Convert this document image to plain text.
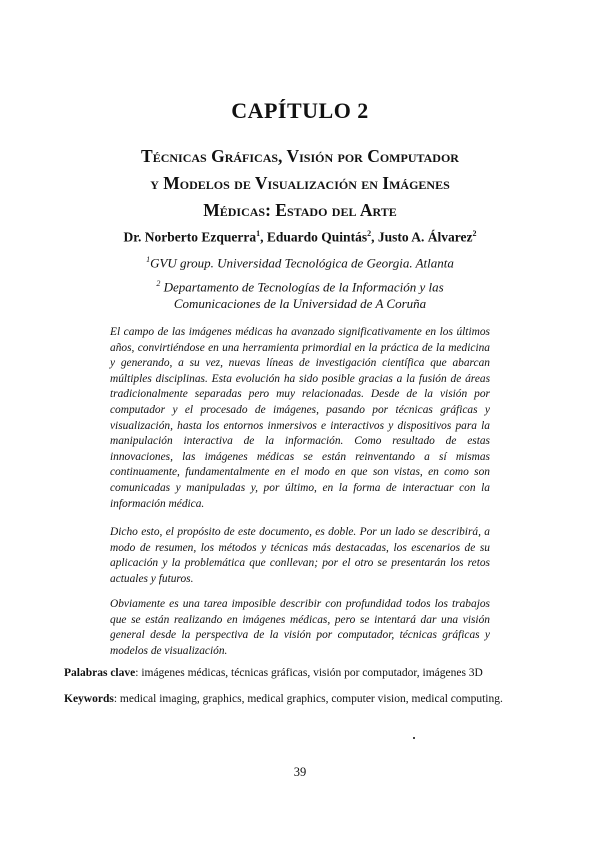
CAPÍTULO 2
Técnicas Gráficas, Visión por Computador
y Modelos de Visualización en Imágenes
Médicas: Estado del Arte
Dr. Norberto Ezquerra$^1$, Eduardo Quintás$^2$, Justo A. Álvarez$^2$
$^1$GVU group. Universidad Tecnológica de Georgia. Atlanta
$^2$ Departamento de Tecnologías de la Información y las
Comunicaciones de la Universidad de A Coruña
El campo de las imágenes médicas ha avanzado significativamente en los últimos años, convirtiéndose en una herramienta primordial en la práctica de la medicina y generando, a su vez, nuevas líneas de investigación científica que abarcan múltiples disciplinas. Esta evolución ha sido posible gracias a la fusión de áreas tradicionalmente separadas pero muy relacionadas. Desde de la visión por computador y el procesado de imágenes, pasando por técnicas gráficas y visualización, hasta los entornos inmersivos e interactivos y dispositivos para la manipulación interactiva de la información. Como resultado de estas innovaciones, las imágenes médicas se están reinventando a sí mismas continuamente, fundamentalmente en el modo en que son vistas, en como son comunicadas y manipuladas y, por último, en la forma de interactuar con la información médica.
Dicho esto, el propósito de este documento, es doble. Por un lado se describirá, a modo de resumen, los métodos y técnicas más destacadas, los escenarios de su aplicación y la problemática que conllevan; por el otro se presentarán los retos actuales y futuros.
Obviamente es una tarea imposible describir con profundidad todos los trabajos que se están realizando en imágenes médicas, pero se intentará dar una visión general desde la perspectiva de la visión por computador, técnicas gráficas y modelos de visualización.
Palabras clave: imágenes médicas, técnicas gráficas, visión por computador, imágenes 3D
Keywords: medical imaging, graphics, medical graphics, computer vision, medical computing.
39
